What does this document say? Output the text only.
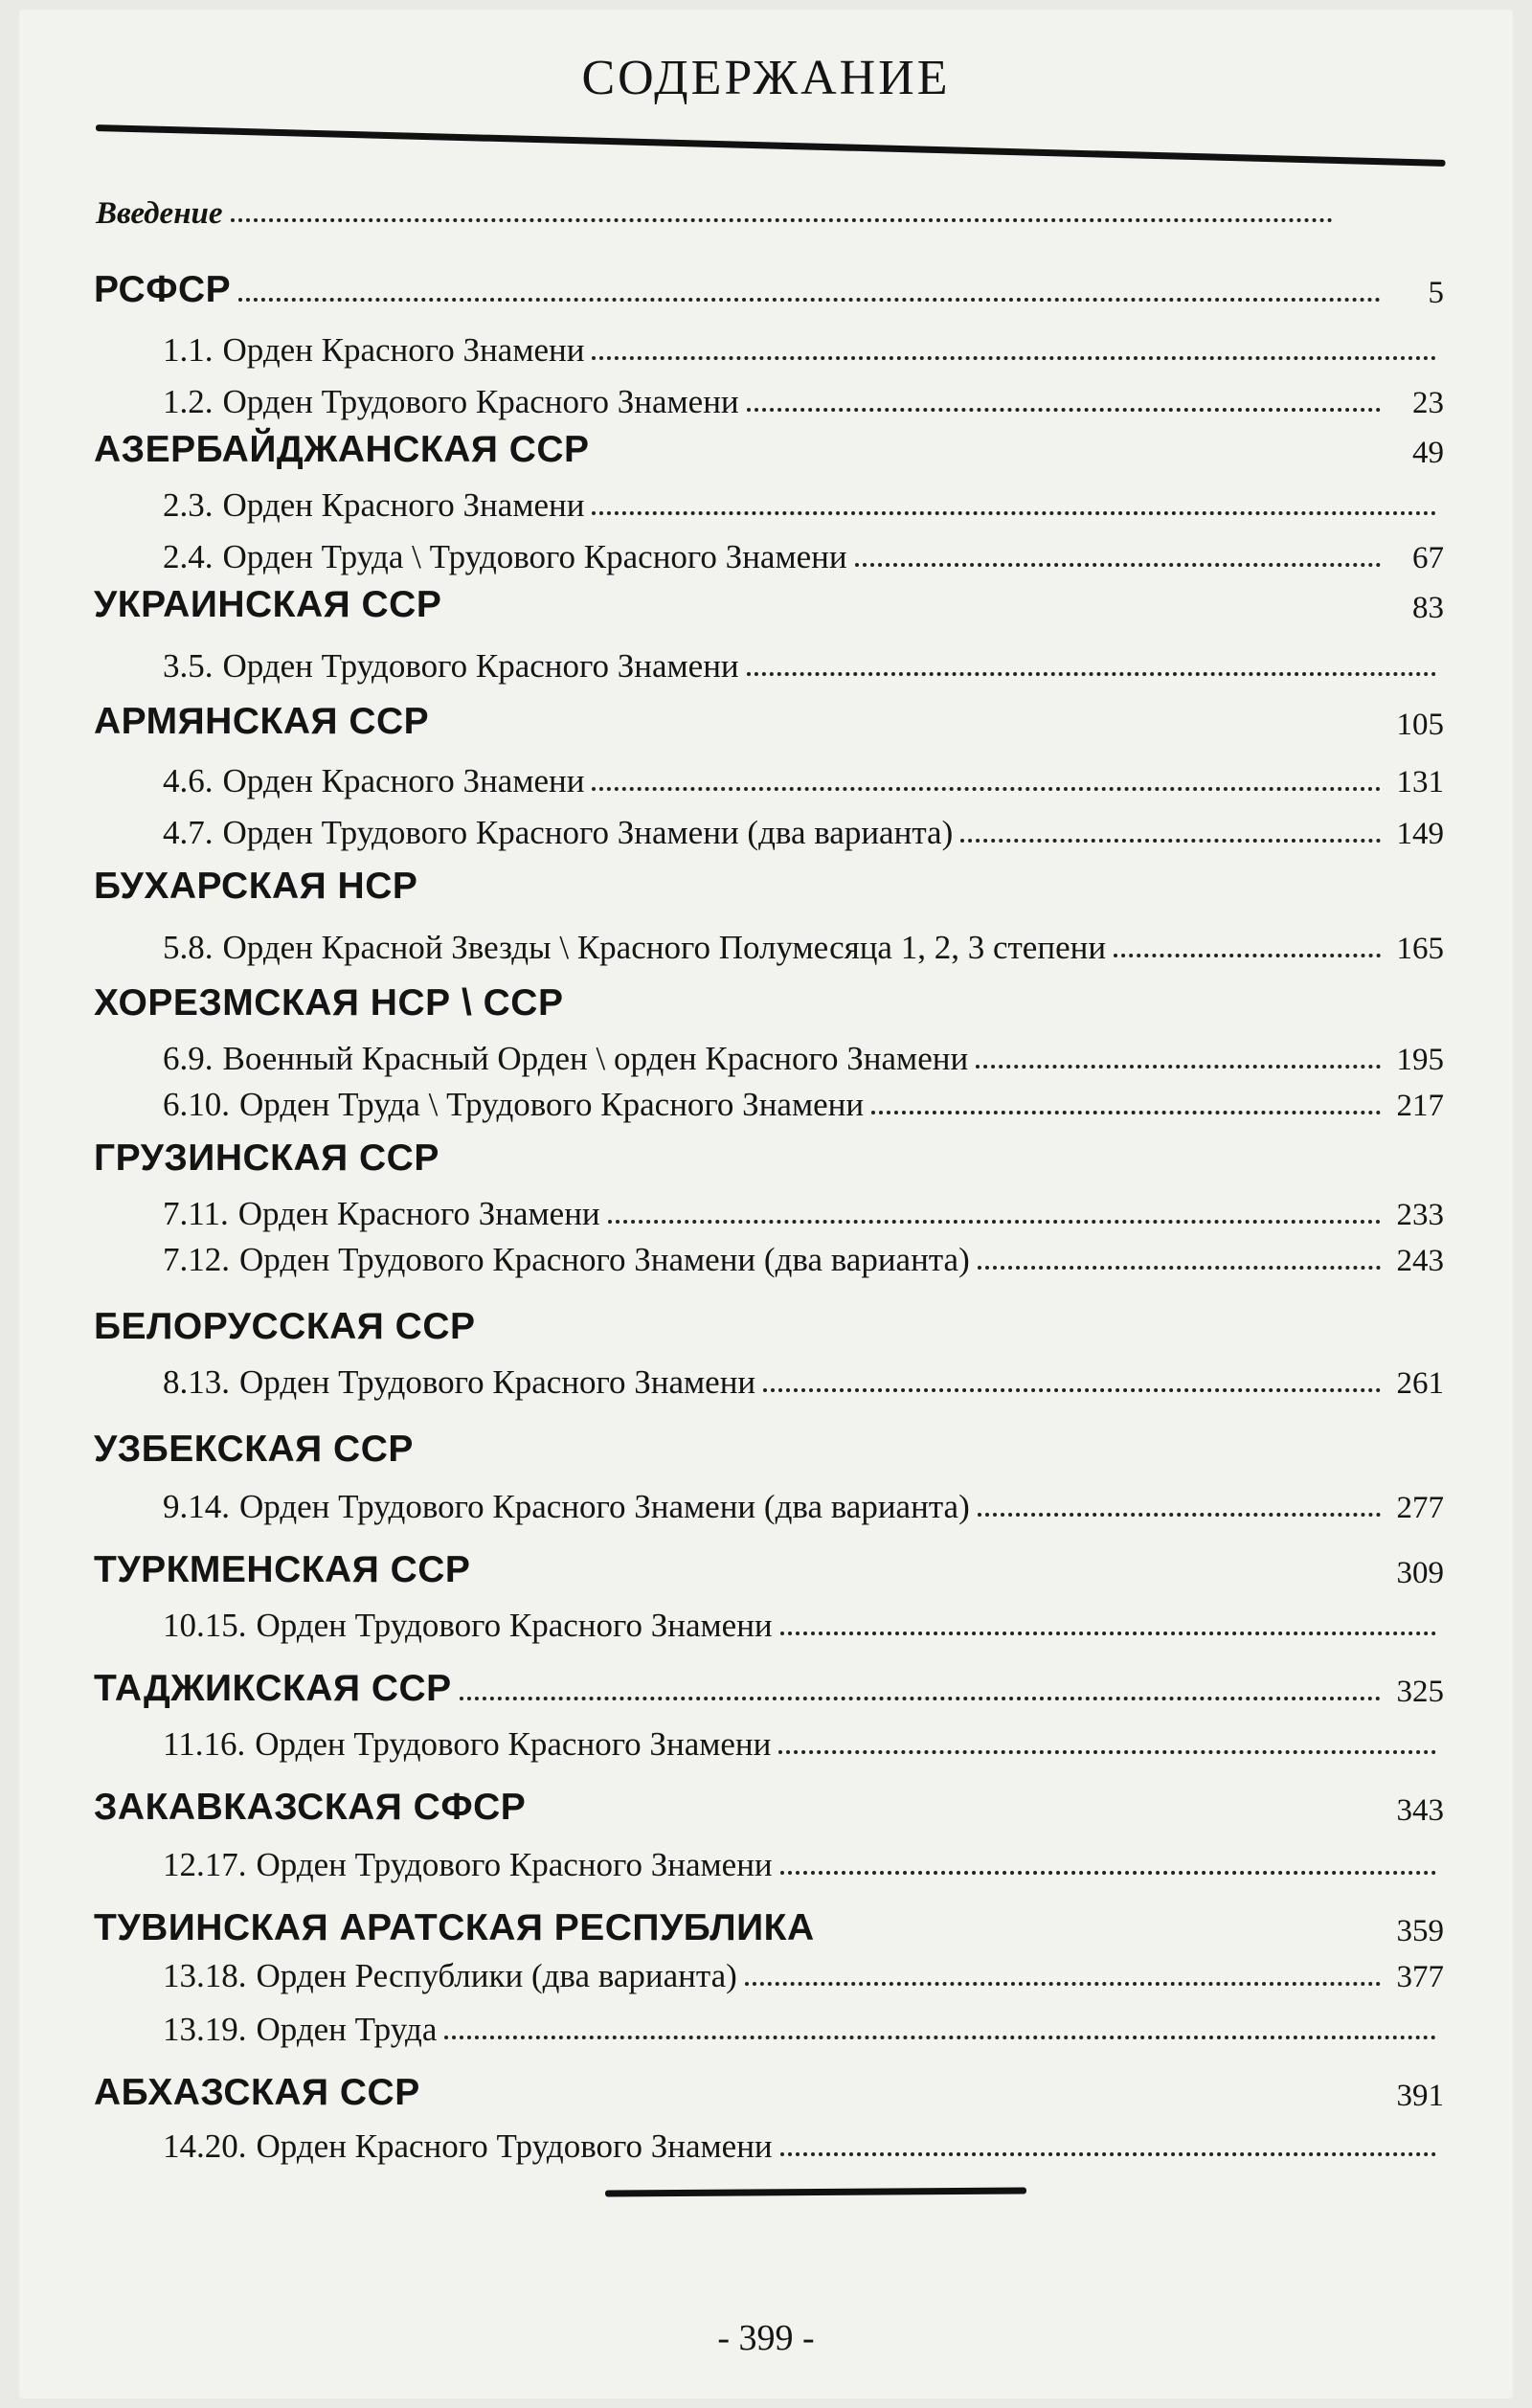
СОДЕРЖАНИЕ
Введение
РСФСР	5
1.1. Орден Красного Знамени
1.2. Орден Трудового Красного Знамени	23
АЗЕРБАЙДЖАНСКАЯ ССР	49
2.3. Орден Красного Знамени
2.4. Орден Труда \ Трудового Красного Знамени	67
УКРАИНСКАЯ ССР	83
3.5. Орден Трудового Красного Знамени
АРМЯНСКАЯ ССР	105
4.6. Орден Красного Знамени	131
4.7. Орден Трудового Красного Знамени (два варианта)	149
БУХАРСКАЯ НСР
5.8. Орден Красной Звезды \ Красного Полумесяца 1, 2, 3 степени	165
ХОРЕЗМСКАЯ НСР \ ССР
6.9. Военный Красный Орден \ орден Красного Знамени	195
6.10. Орден Труда \ Трудового Красного Знамени	217
ГРУЗИНСКАЯ ССР
7.11. Орден Красного Знамени	233
7.12. Орден Трудового Красного Знамени (два варианта)	243
БЕЛОРУССКАЯ ССР
8.13. Орден Трудового Красного Знамени	261
УЗБЕКСКАЯ ССР
9.14. Орден Трудового Красного Знамени (два варианта)	277
ТУРКМЕНСКАЯ ССР	309
10.15. Орден Трудового Красного Знамени
ТАДЖИКСКАЯ ССР	325
11.16. Орден Трудового Красного Знамени
ЗАКАВКАЗСКАЯ СФСР	343
12.17. Орден Трудового Красного Знамени
ТУВИНСКАЯ АРАТСКАЯ РЕСПУБЛИКА	359
13.18. Орден Республики (два варианта)	377
13.19. Орден Труда
АБХАЗСКАЯ ССР	391
14.20. Орден Красного Трудового Знамени
- 399 -
